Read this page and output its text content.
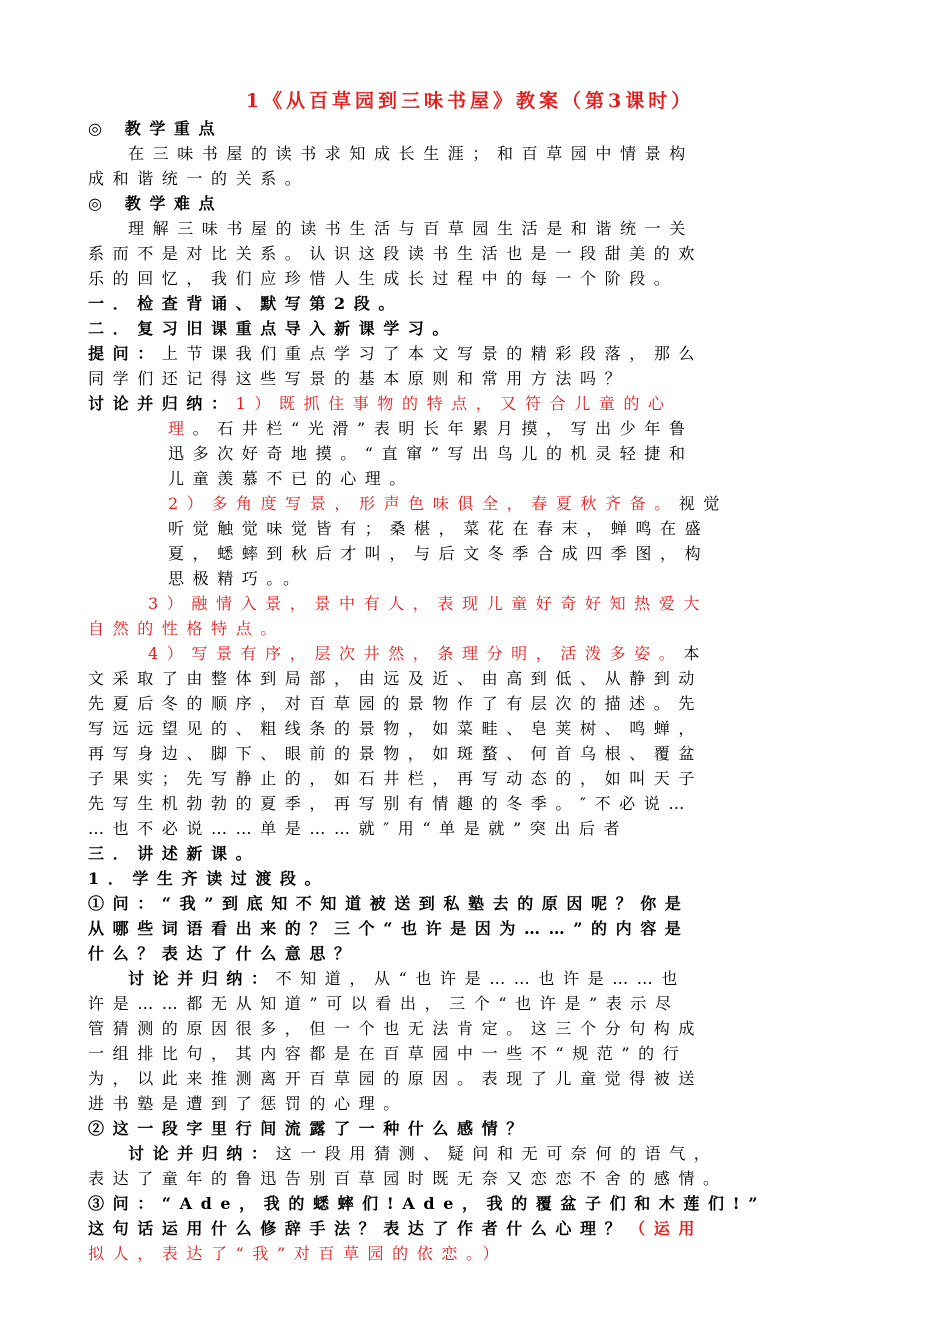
1《从百草园到三味书屋》教案（第3课时）
◎ 教学重点
在三味书屋的读书求知成长生涯；和百草园中情景构
成和谐统一的关系。
◎ 教学难点
理解三味书屋的读书生活与百草园生活是和谐统一关
系而不是对比关系。认识这段读书生活也是一段甜美的欢
乐的回忆，我们应珍惜人生成长过程中的每一个阶段。
一．检查背诵、默写第2段。
二．复习旧课重点导入新课学习。
提问：上节课我们重点学习了本文写景的精彩段落，那么
同学们还记得这些写景的基本原则和常用方法吗？
讨论并归纳：1）既抓住事物的特点，又符合儿童的心
理。石井栏“光滑”表明长年累月摸，写出少年鲁
迅多次好奇地摸。“直窜”写出鸟儿的机灵轻捷和
儿童羡慕不已的心理。
2）多角度写景，形声色味俱全，春夏秋齐备。视觉
听觉触觉味觉皆有；桑椹，菜花在春末，蝉鸣在盛
夏，蟋蟀到秋后才叫，与后文冬季合成四季图，构
思极精巧。。
3）融情入景，景中有人，表现儿童好奇好知热爱大
自然的性格特点。
4）写景有序，层次井然，条理分明，活泼多姿。本
文采取了由整体到局部，由远及近、由高到低、从静到动
先夏后冬的顺序，对百草园的景物作了有层次的描述。先
写远远望见的、粗线条的景物，如菜畦、皂荚树、鸣蝉，
再写身边、脚下、眼前的景物，如斑蝥、何首乌根、覆盆
子果实；先写静止的，如石井栏，再写动态的，如叫天子
先写生机勃勃的夏季，再写别有情趣的冬季。″不必说…
…也不必说……单是……就″用“单是就”突出后者
三．讲述新课。
1．学生齐读过渡段。
①问：“我”到底知不知道被送到私塾去的原因呢？你是
从哪些词语看出来的？三个“也许是因为……”的内容是
什么？表达了什么意思？
讨论并归纳：不知道，从“也许是……也许是……也
许是……都无从知道”可以看出，三个“也许是”表示尽
管猜测的原因很多，但一个也无法肯定。这三个分句构成
一组排比句，其内容都是在百草园中一些不“规范”的行
为，以此来推测离开百草园的原因。表现了儿童觉得被送
进书塾是遭到了惩罚的心理。
②这一段字里行间流露了一种什么感情？
讨论并归纳：这一段用猜测、疑问和无可奈何的语气，
表达了童年的鲁迅告别百草园时既无奈又恋恋不舍的感情。
③问：“Ade，我的蟋蟀们!Ade，我的覆盆子们和木莲们!”
这句话运用什么修辞手法？表达了作者什么心理？（运用
拟人，表达了“我”对百草园的依恋。）
